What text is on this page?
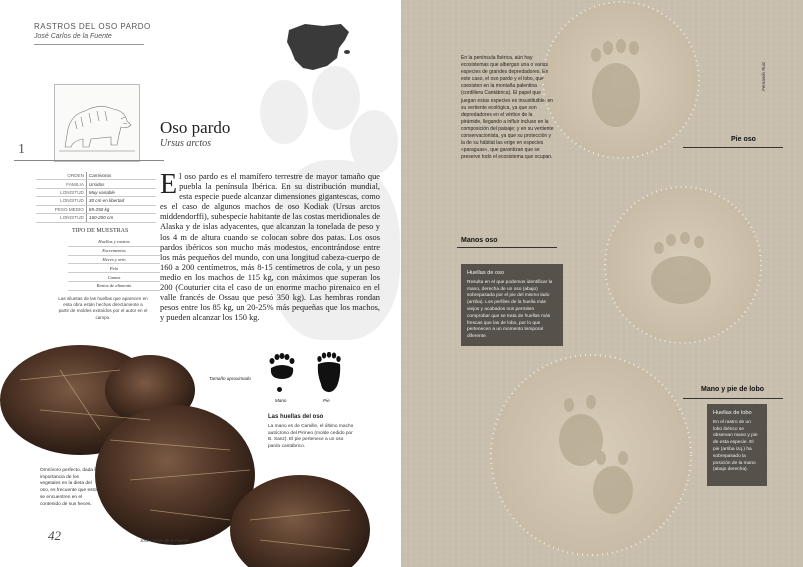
RASTROS DEL OSO PARDO
José Carlos de la Fuente
1
Oso pardo
Ursus arctos
ORDEN	Carnívoros
FAMILIA	Úrsidos
LONGITUD	Muy variable
LONGITUD	30 cm en libertad
PESO MEDIO	85-250 kg
LONGITUD	160-200 cm
TIPO DE MUESTRAS
Huellas y rastros
Excrementos
Heces y orín
Pelo
Camas
Restos de alimento
Las siluetas de las huellas que aparecen en esta obra están hechas directamente a partir de moldes extraídos por el autor en el campo.
El oso pardo es el mamífero terrestre de mayor tamaño que puebla la península Ibérica. En su distribución mundial, esta especie puede alcanzar dimensiones gigantescas, como es el caso de algunos machos de oso Kodiak (Ursus arctos middendorffi), subespecie habitante de las costas meridionales de Alaska y de islas adyacentes, que alcanzan la tonelada de peso y los 4 m de altura cuando se colocan sobre dos patas. Los osos pardos ibéricos son mucho más modestos, encontrándose entre los más pequeños del mundo, con una longitud cabeza-cuerpo de 160 a 200 centímetros, más 8-15 centímetros de cola, y un peso medio en los machos de 115 kg, con máximos que superan los 200 (Couturier cita el caso de un enorme macho pirenaico en el valle francés de Ossau que pesó 350 kg). Las hembras rondan pesos entre los 85 kg, un 20-25% más pequeñas que los machos, y pueden alcanzar los 150 kg.
Tamaño aproximado
Mano	Pie
Las huellas del oso
La mano es de Camille, el último macho autóctono del Pirineo (molde cedido por B. Sanz). El pie pertenece a un oso pardo cantábrico.
Omnívoro perfecto, dada la importancia de los vegetales en la dieta del oso, es frecuente que estos se encuentren en el contenido de sus heces.
José Carlos de la Fuente
42
En la península Ibérica, aún hay ecosistemas que albergan una o varias especies de grandes depredadores. En este caso, el oso pardo y el lobo, que coexisten en la montaña palentina (cordillera Cantábrica). El papel que juegan estas especies es insustituible: en su vertiente ecológica, ya que son depredadores en el vértice de la pirámide, llegando a influir incluso en la composición del paisaje; y en su vertiente conservacionista, ya que su protección y la de su hábitat las erige en especies «paraguas», que garantizan que se preserve todo el ecosistema que ocupan.
Fernando Ruiz
Pie oso
Manos oso
Mano y pie de lobo
Huellas de oso
Resulta en el que podemos identificar la mano, derecha de un oso (abajo) sobrepasada por el pie del mismo lado (arriba). Los perfiles de la huella más viejos y acabados nos permiten comprobar que se trata de huellas más frescas que las de lobo, por lo que pertenecen a un momento temporal diferente.
Huellas de lobo
En el rastro de un lobo ibérico se observan mano y pie de esta especie. El pie (arriba izq.) ha sobrepasado la posición de la mano (abajo derecha).
